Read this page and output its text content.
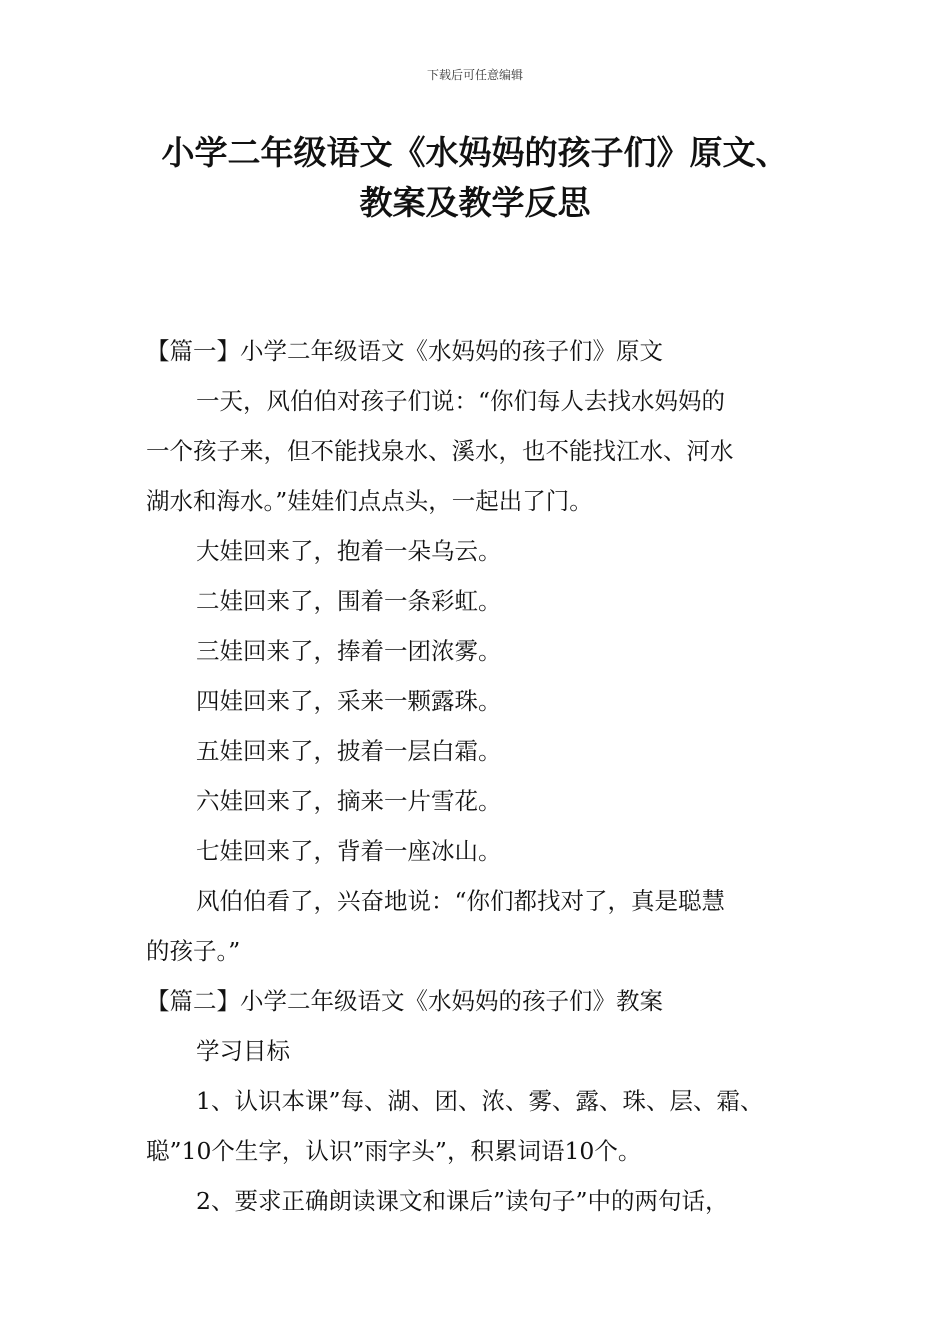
下载后可任意编辑
小学二年级语文《水妈妈的孩子们》原文、
教案及教学反思

【篇一】小学二年级语文《水妈妈的孩子们》原文

一天，风伯伯对孩子们说：“你们每人去找水妈妈的

一个孩子来，但不能找泉水、溪水，也不能找江水、河水

湖水和海水。”娃娃们点点头，一起出了门。

大娃回来了，抱着一朵乌云。

二娃回来了，围着一条彩虹。

三娃回来了，捧着一团浓雾。

四娃回来了，采来一颗露珠。

五娃回来了，披着一层白霜。

六娃回来了，摘来一片雪花。

七娃回来了，背着一座冰山。

风伯伯看了，兴奋地说：“你们都找对了，真是聪慧

的孩子。”

【篇二】小学二年级语文《水妈妈的孩子们》教案

学习目标

1、认识本课”每、湖、团、浓、雾、露、珠、层、霜、

聪”10个生字，认识”雨字头”，积累词语10个。

2、要求正确朗读课文和课后”读句子”中的两句话，
